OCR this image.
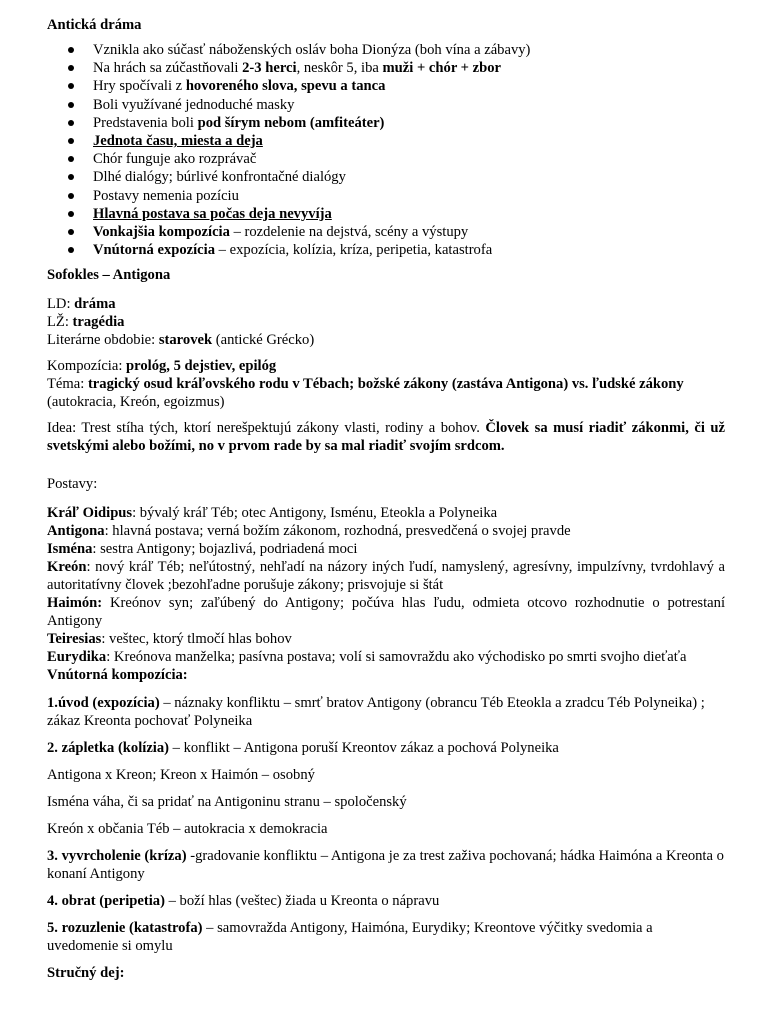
Antická dráma

Vznikla ako súčasť náboženských osláv boha Dionýza (boh vína a zábavy)
Na hrách sa zúčastňovali 2-3 herci, neskôr 5, iba muži + chór + zbor
Hry spočívali z hovoreného slova, spevu a tanca
Boli využívané jednoduché masky
Predstavenia boli pod šírym nebom (amfiteáter)
Jednota času, miesta a deja
Chór funguje ako rozprávač
Dlhé dialógy; búrlivé konfrontačné dialógy
Postavy nemenia pozíciu
Hlavná postava sa počas deja nevyvíja
Vonkajšia kompozícia – rozdelenie na dejstvá, scény a výstupy
Vnútorná expozícia – expozícia, kolízia, kríza, peripetia, katastrofa

Sofokles – Antigona

LD: dráma

LŽ: tragédia

Literárne obdobie: starovek (antické Grécko)

Kompozícia: prológ, 5 dejstiev, epilóg

Téma: tragický osud kráľovského rodu v Tébach; božské zákony (zastáva Antigona) vs. ľudské zákony (autokracia, Kreón, egoizmus)

Idea: Trest stíha tých, ktorí nerešpektujú zákony vlasti, rodiny a bohov. Človek sa musí riadiť zákonmi, či už svetskými alebo božími, no v prvom rade by sa mal riadiť svojím srdcom.

Postavy:

Kráľ Oidipus: bývalý kráľ Téb; otec Antigony, Isménu, Eteokla a Polyneika

Antigona: hlavná postava; verná božím zákonom, rozhodná, presvedčená o svojej pravde

Isména: sestra Antigony; bojazlivá, podriadená moci

Kreón: nový kráľ Téb; neľútostný, nehľadí na názory iných ľudí, namyslený, agresívny, impulzívny, tvrdohlavý a autoritatívny človek ;bezohľadne porušuje zákony; prisvojuje si štát

Haimón: Kreónov syn; zaľúbený do Antigony; počúva hlas ľudu, odmieta otcovo rozhodnutie o potrestaní Antigony

Teiresias: veštec, ktorý tlmočí hlas bohov

Eurydika: Kreónova manželka; pasívna postava; volí si samovraždu ako východisko po smrti svojho dieťaťa

Vnútorná kompozícia:

1.úvod (expozícia) – náznaky konfliktu – smrť bratov Antigony (obrancu Téb Eteokla a zradcu Téb Polyneika) ; zákaz Kreonta pochovať Polyneika

2. zápletka (kolízia) – konflikt – Antigona poruší Kreontov zákaz a pochová Polyneika

Antigona x Kreon; Kreon x Haimón – osobný

Isména váha, či sa pridať na Antigoninu stranu – spoločenský

Kreón x občania Téb – autokracia x demokracia

3. vyvrcholenie (kríza) -gradovanie konfliktu – Antigona je za trest zaživa pochovaná; hádka Haimóna a Kreonta o konaní Antigony

4. obrat (peripetia) – boží hlas (veštec) žiada u Kreonta o nápravu

5. rozuzlenie (katastrofa) – samovražda Antigony, Haimóna, Eurydiky; Kreontove výčitky svedomia a uvedomenie si omylu

Stručný dej:
